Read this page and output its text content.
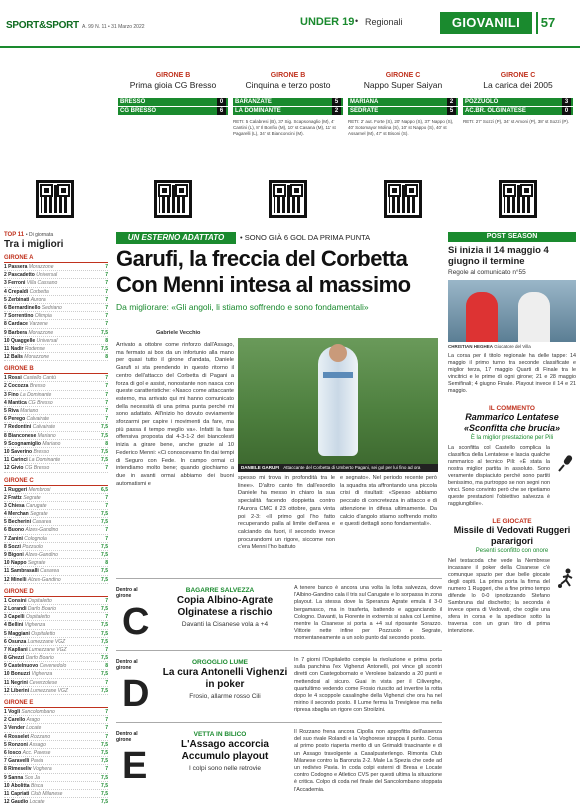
SPORT&SPORT A. 99 N. 11 • 31 Marzo 2022	UNDER 19 • Regionali	GIOVANILI	57
GIRONE B
Prima gioia CG Bresso
BRESSO	0
CG BRESSO	6
GIRONE B
Cinquina e terzo posto
BARANZATE	5
LA DOMINANTE	2
RETI: 5 Calabresi (B), 37 Sig. Scapsonaglio (M), 4' Cantini (L), 8' Il Bonfio (M), 10' st Casana (M), 11' st Pagarelli (L), 34' st Bianconcini (M).
GIRONE C
Nappo Super Saiyan
MARIANA	2
SEDRATE	5
RETI: 2' aut. Forte (S), 20' Nappo (S), 37' Nappo (S), 40' Sotomayor Molina (S), 10' st Nappo (S), 40' st Assarnel (M), 47' st Bisoni (S).
GIRONE C
La carica dei 2005
POZZUOLO	3
AC.BR. OLGINATESE	0
RETI: 27' Sozzi (P), 34' st Amoni (P), 38' st Sozzi (P).
TOP 11 • Di giornata
Tra i migliori
GIRONE A
1 Passera Morazzone	7
2 Pascadetto Universal	7
3 Ferroni Villa Cassano	7
4 Crepaldi Corbetta	7
5 Zerbinati Aurora	7
6 Bernardinello Sedriano	7
7 Sorrentino Olimpia	7
8 Cardace Varzene	7
9 Barbera Morazzone	7,5
10 Quaggelle Universal	8
11 Nadir Rodense	7,5
12 Balis Morazzone	8
GIRONE B
1 Rossi Castello Cantù	7
2 Cocozza Bresso	7
3 Fino La Dominante	7
4 Mantica CG Bresso	7
5 Riva Mariano	7
6 Perego Calvairate	7
7 Redontini Calvairate	7,5
8 Bianconese Mariano	7,5
9 Scognamiglio Mariano	8
10 Saverino Bresso	7,5
11 Carinci La Dominante	7,5
12 Givio CG Bresso	7
GIRONE C
1 Ruggeri Membrosi	6,5
2 Frattz Segrate	7
3 Chiesa Carugate	7
4 Merchan Segrate	7,5
5 Becherini Casarea	7,5
6 Buono Alzes-Gandino	7
7 Zanini Colognola	7
8 Sozzi Pozzuolo	7,5
9 Bigoni Alzes-Gandino	7,5
10 Nappo Segrate	8
11 Sambrasalli Casarea	7,5
12 Minelli Alzes-Gandino	7,5
GIRONE D
1 Consini Ospitaletto	7
2 Lorandi Darfo Boario	7,5
3 Capelli Ospitaletto	7
4 Bellini Vighenza	7,5
5 Maggiani Ospitaletto	7,5
6 Osunza Lumezzane VGZ	7,5
7 Kapllani Lumezzane VGZ	7
8 Ghezzi Darfo Boario	7,5
9 Castelnuovo Cevenedolo	8
10 Bonuzzi Vighenza	7,5
11 Negrini Ceverzolese	7
12 Liberini Lumezzane VGZ	7,5
GIRONE E
1 Vogli Sancolombano	7
2 Carello Arago	7
3 Vender Locate	7
4 Rosselet Rozzano	7
5 Ronzoni Assago	7,5
6 Iosco Acc. Pavese	7,5
7 Garavelli Pavia	7,5
8 Rimeseliv Voghera	7
9 Sanna Sos Ja	7,5
10 Abolitta Bisca	7,5
11 Capriati Club Milanese	7,5
12 Gaudio Locate	7,5
UN ESTERNO ADATTATO	• SONO GIÀ 6 GOL DA PRIMA PUNTA
Garufi, la freccia del Corbetta
Con Menni intesa al massimo
Da migliorare: «Gli angoli, li stiamo soffrendo e sono fondamentali»
Gabriele Vecchio
Arrivato a ottobre come rinforzo dall'Assago, ma fermato ai box da un infortunio alla mano per quasi tutto il girone d'andata, Daniele Garufi si sta prendendo in questo ritorno il centro dell'attacco del Corbetta di Pagani a forza di gol e assist, nonostante non nasca con queste caratteristiche: «Nasco come attaccante esterno, ma arrivato qui mi hanno comunicato della necessità di una prima punta perché mi sono adattato. All'inizio ho dovuto ovviamente sforzarmi per capire i movimenti da fare, ma più passa il tempo meglio va». Infatti la fase offensiva proposta dal 4-3-1-2 dei biancolesti inizia a girare bene, anche grazie al 10 Federico Menni: «Ci conoscevamo fin dai tempi di Seguro con Fede. In campo ormai ci intendiamo molto bene; quando giochiamo a due in avanti ormai abbiamo dei buoni automatismi e
DANIELE GARUFI Attaccante del Corbetta di Umberto Pagani, sei gol per lui fino ad ora
spesso mi trova in profondità tra le linee». D'altro canto fin dall'esordio Daniele ha messo in chiaro la sua specialità facendo doppietta contro l'Aurora CMC il 23 ottobre, gara vinta poi 2-3: «Il primo gol l'ho fatto recuperando palla al limite dell'area e calciando da fuori, il secondo invece procurandomi un rigore, siccome non c'era Menni l'ho battuto
e segnato». Nel periodo recente però la squadra sta affrontando una piccola crisi di risultati: «Spesso abbiamo peccato di concretezza in attacco e di attenzione in difesa ultimamente. Da calcio d'angolo stiamo soffrendo molto e questi dettagli sono fondamentali».
POST SEASON
Si inizia il 14 maggio 4 giugno il termine
Regole al comunicato n°55
CHRISTIAN HEGHEA Giocatore del Villa
La corsa per il titolo regionale ha delle tappe: 14 maggio il primo turno tra seconde classificate e miglior terza, 17 maggio Quarti di Finale tra le vincitrici e le prime di ogni girone; 21 e 28 maggio Semifinali; 4 giugno Finale. Playout invece il 14 e 21 maggio.
IL COMMENTO
Rammarico Lentatese «Sconfitta che brucia»
È la miglior prestazione per Pili
La sconfitta col Castello complica la classifica della Lentatese e lascia qualche rammarico al tecnico Pili: «È stata la nostra miglior partita in assoluto. Sono veramente dispiaciuto perché sono partiti benissimo, ma purtroppo se non segni non vinci. Sono convinto però che se ripetiamo queste prestazioni l'obiettivo salvezza è raggiungibile».
LE GIOCATE
Missile di Vedovati Ruggeri pararigori
Pesenti sconfitto con onore
Nel testacoda che vede la Nembrese incassare il poker della Cisanese c'è comunque spazio per due belle giocate degli ospiti. La prima porta la firma del numero 1 Ruggeri, che a fine primo tempo difende lo 0-0 ipnotizzando Stefano Sambruna dal dischetto; la seconda è invece opera di Vedovati, che coglie una sfera in corsa e la spedisce sotto la traversa con un gran tiro di prima intenzione.
Dentro al girone
C
BAGARRE SALVEZZA
Copia Albino-Agrate Olginatese a rischio
Davanti la Cisanese vola a +4
A tenere banco è ancora una volta la lotta salvezza, dove l'Albino-Gandino cala il tris sul Carugate e lo sorpassa in zona playout. La stessa dove la Speranza Agrate emula il 3-0 bergamasco, ma in trasferta, battendo e agganciando il Cologno. Davanti, la Fiorente in extremis si salva col Lemine, mentre la Cisanese si porta a +4 sul riposante Sorazzo. Vittorie nette infine per Pozzuolo e Segrate, momentaneamente a un solo punto dal secondo posto.
Dentro al girone
D
ORGOGLIO LUME
La cura Antonelli Vighenzi in poker
Frosio, allarme rosso Cili
In 7 giorni l'Ospitaletto compie la rivoluzione e prima porta sulla panchina l'ex Vighenzi Antonelli, poi vince gli scontri diretti con Castegobornato e Verolese balzando a 20 punti e mettendosi al sicuro. Guai in vista per il Ciliverghe, quartultimo vedendo come Frosio riuscito ad invertire la rotta dopo le 4 scoppole casalinghe della Vighenzi che ora ha nel mirino il secondo posto. Il Lume ferma la Treviglese ma nella ripresa sbaglia un rigore con Stroilzini.
Dentro al girone
E
VETTA IN BILICO
L'Assago accorcia Accumulo playout
I colpi sono nelle retrovie
Il Rozzano frena ancora Cipolla non approfitta dell'assenza del suo rivale Rolandi e la Voghorese strappa il punto. Corsa al primo posto riaperta merito di un Grimaldi trascinante e di un Assago travolgente a Casalpusterlengo. Rimonta Club Milanese contro la Baronzia 2-2. Male La Spezia che cede ad un redivivo Pavia. In coda colpi esterni di Bresa e Locate contro Codogno e Atletico CVS per questi ultima la situazione è critica. Colpo di coda nel finale del Sancolombano stoppata l'Accademia.
